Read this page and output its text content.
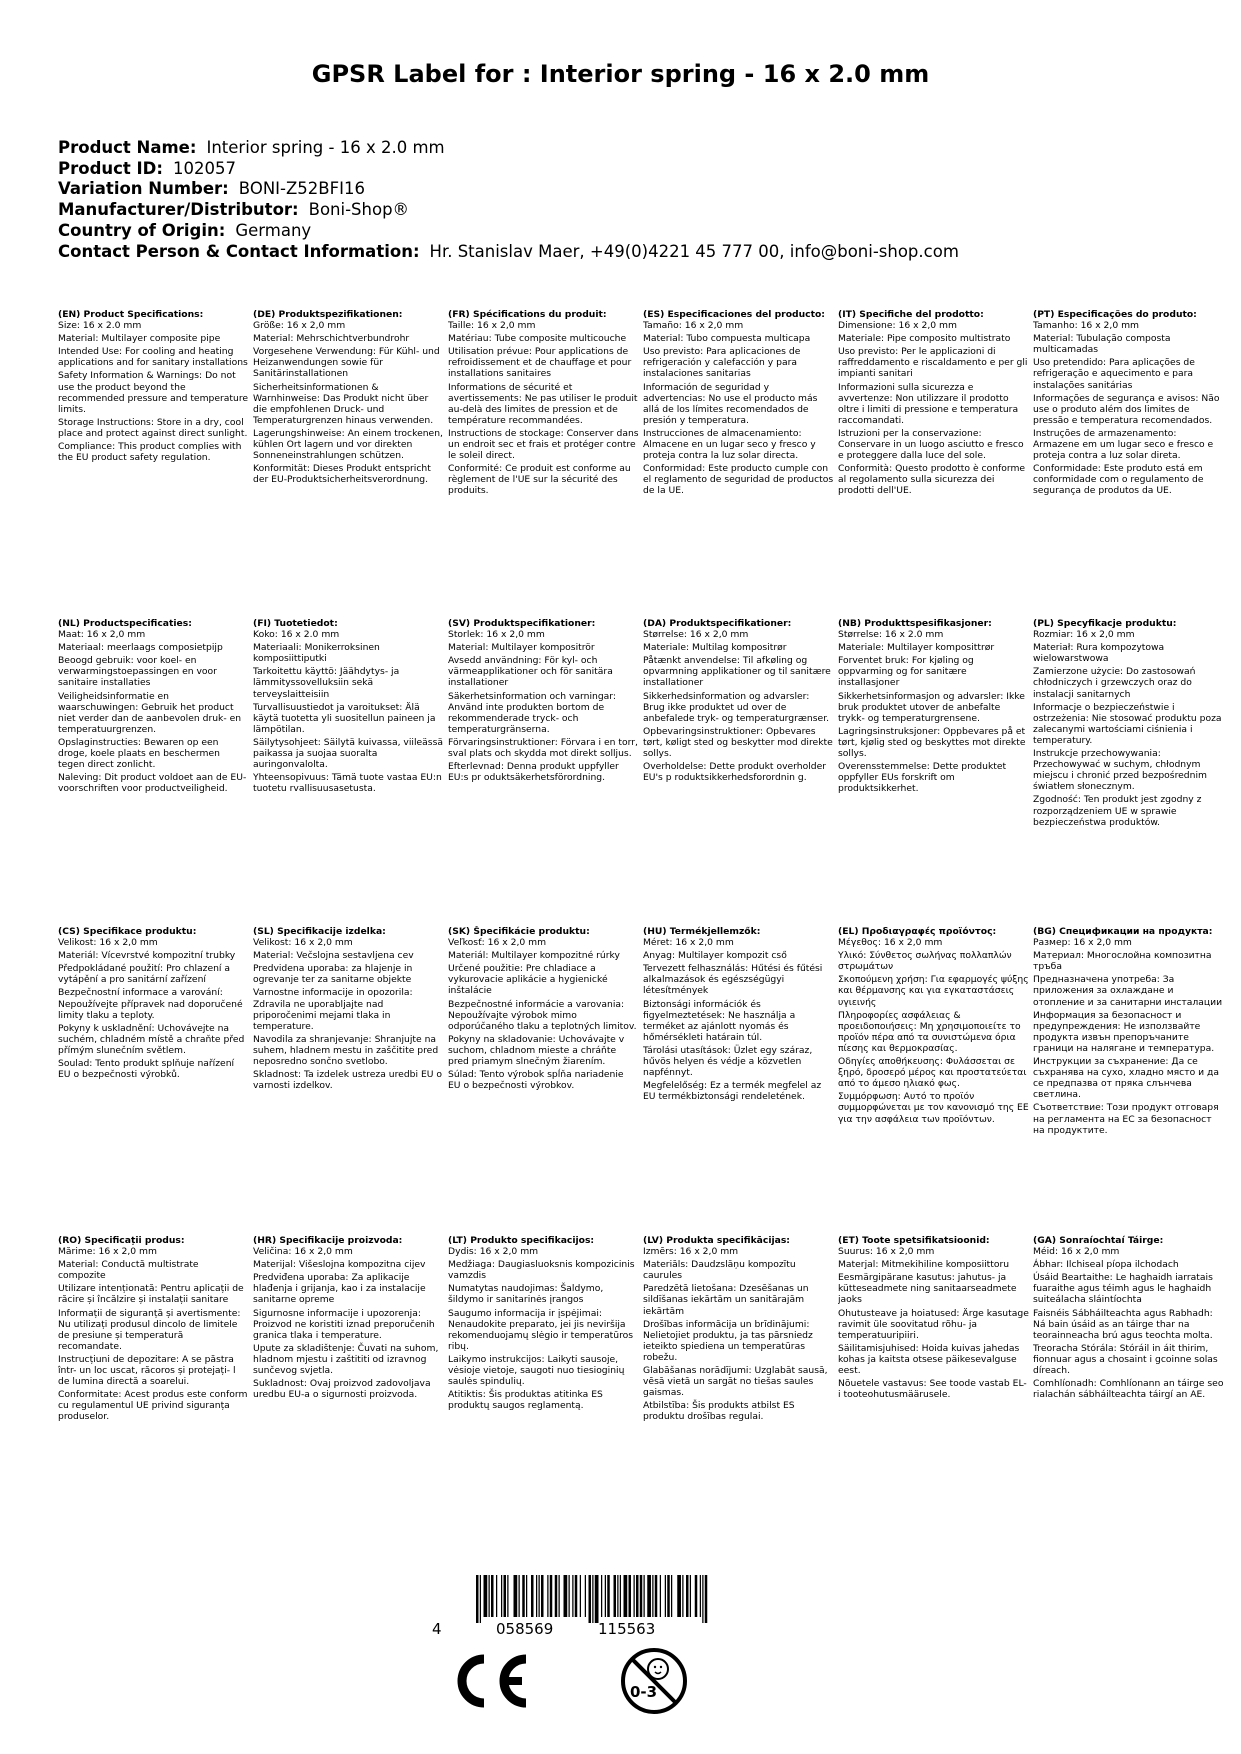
GPSR Label for : Interior spring - 16 x 2.0 mm
Product Name: Interior spring - 16 x 2.0 mm
Product ID: 102057
Variation Number: BONI-Z52BFI16
Manufacturer/Distributor: Boni-Shop®
Country of Origin: Germany
Contact Person & Contact Information: Hr. Stanislav Maer, +49(0)4221 45 777 00, info@boni-shop.com
(EN) Product Specifications:
Size: 16 x 2.0 mm
Material: Multilayer composite pipe
Intended Use: For cooling and heating applications and for sanitary installations
Safety Information & Warnings: Do not use the product beyond the recommended pressure and temperature limits.
Storage Instructions: Store in a dry, cool place and protect against direct sunlight.
Compliance: This product complies with the EU product safety regulation.
(DE) Produktspezifikationen:
Größe: 16 x 2,0 mm
Material: Mehrschichtverbundrohr
Vorgesehene Verwendung: Für Kühl- und Heizanwendungen sowie für Sanitärinstallationen
Sicherheitsinformationen & Warnhinweise: Das Produkt nicht über die empfohlenen Druck- und Temperaturgrenzen hinaus verwenden.
Lagerungshinweise: An einem trockenen, kühlen Ort lagern und vor direkten Sonneneinstrahlungen schützen.
Konformität: Dieses Produkt entspricht der EU-Produktsicherheitsverordnung.
(FR) Spécifications du produit:
Taille: 16 x 2,0 mm
Matériau: Tube composite multicouche
Utilisation prévue: Pour applications de refroidissement et de chauffage et pour installations sanitaires
Informations de sécurité et avertissements: Ne pas utiliser le produit au-delà des limites de pression et de température recommandées.
Instructions de stockage: Conserver dans un endroit sec et frais et protéger contre le soleil direct.
Conformité: Ce produit est conforme au règlement de l'UE sur la sécurité des produits.
(ES) Especificaciones del producto:
Tamaño: 16 x 2,0 mm
Material: Tubo compuesta multicapa
Uso previsto: Para aplicaciones de refrigeración y calefacción y para instalaciones sanitarias
Información de seguridad y advertencias: No use el producto más allá de los límites recomendados de presión y temperatura.
Instrucciones de almacenamiento: Almacene en un lugar seco y fresco y proteja contra la luz solar directa.
Conformidad: Este producto cumple con el reglamento de seguridad de productos de la UE.
(IT) Specifiche del prodotto:
Dimensione: 16 x 2,0 mm
Materiale: Pipe composito multistrato
Uso previsto: Per le applicazioni di raffreddamento e riscaldamento e per gli impianti sanitari
Informazioni sulla sicurezza e avvertenze: Non utilizzare il prodotto oltre i limiti di pressione e temperatura raccomandati.
Istruzioni per la conservazione: Conservare in un luogo asciutto e fresco e proteggere dalla luce del sole.
Conformità: Questo prodotto è conforme al regolamento sulla sicurezza dei prodotti dell'UE.
(PT) Especificações do produto:
Tamanho: 16 x 2,0 mm
Material: Tubulação composta multicamadas
Uso pretendido: Para aplicações de refrigeração e aquecimento e para instalações sanitárias
Informações de segurança e avisos: Não use o produto além dos limites de pressão e temperatura recomendados.
Instruções de armazenamento: Armazene em um lugar seco e fresco e proteja contra a luz solar direta.
Conformidade: Este produto está em conformidade com o regulamento de segurança de produtos da UE.
(NL) Productspecificaties:
Maat: 16 x 2,0 mm
Materiaal: meerlaags composietpijp
Beoogd gebruik: voor koel- en verwarmingstoepassingen en voor sanitaire installaties
Veiligheidsinformatie en waarschuwingen: Gebruik het product niet verder dan de aanbevolen druk- en temperatuurgrenzen.
Opslaginstructies: Bewaren op een droge, koele plaats en beschermen tegen direct zonlicht.
Naleving: Dit product voldoet aan de EU-voorschriften voor productveiligheid.
(FI) Tuotetiedot:
Koko: 16 x 2.0 mm
Materiaali: Monikerroksinen komposiittiputki
Tarkoitettu käyttö: Jäähdytys- ja lämmityssovelluksiin sekä terveyslaitteisiin
Turvallisuustiedot ja varoitukset: Älä käytä tuotetta yli suositellun paineen ja lämpötilan.
Säilytysohjeet: Säilytä kuivassa, viileässä paikassa ja suojaa suoralta auringonvalolta.
Yhteensopivuus: Tämä tuote vastaa EU:n tuotetu rvallisuusasetusta.
(SV) Produktspecifikationer:
Storlek: 16 x 2,0 mm
Material: Multilayer kompositrör
Avsedd användning: För kyl- och värmeapplikationer och för sanitära installationer
Säkerhetsinformation och varningar: Använd inte produkten bortom de rekommenderade tryck- och temperaturgränserna.
Förvaringsinstruktioner: Förvara i en torr, sval plats och skydda mot direkt solljus.
Efterlevnad: Denna produkt uppfyller EU:s pr oduktsäkerhetsförordning.
(DA) Produktspecifikationer:
Størrelse: 16 x 2,0 mm
Materiale: Multilag kompositrør
Påtænkt anvendelse: Til afkøling og opvarmning applikationer og til sanitære installationer
Sikkerhedsinformation og advarsler: Brug ikke produktet ud over de anbefalede tryk- og temperaturgrænser.
Opbevaringsinstruktioner: Opbevares tørt, køligt sted og beskytter mod direkte sollys.
Overholdelse: Dette produkt overholder EU's p roduktsikkerhedsforordnin g.
(NB) Produkttspesifikasjoner:
Størrelse: 16 x 2.0 mm
Materiale: Multilayer komposittrør
Forventet bruk: For kjøling og oppvarming og for sanitære installasjoner
Sikkerhetsinformasjon og advarsler: Ikke bruk produktet utover de anbefalte trykk- og temperaturgrensene.
Lagringsinstruksjoner: Oppbevares på et tørt, kjølig sted og beskyttes mot direkte sollys.
Overensstemmelse: Dette produktet oppfyller EUs forskrift om produktsikkerhet.
(PL) Specyfikacje produktu:
Rozmiar: 16 x 2,0 mm
Materiał: Rura kompozytowa wielowarstwowa
Zamierzone użycie: Do zastosowań chłodniczych i grzewczych oraz do instalacji sanitarnych
Informacje o bezpieczeństwie i ostrzeżenia: Nie stosować produktu poza zalecanymi wartościami ciśnienia i temperatury.
Instrukcje przechowywania: Przechowywać w suchym, chłodnym miejscu i chronić przed bezpośrednim światłem słonecznym.
Zgodność: Ten produkt jest zgodny z rozporządzeniem UE w sprawie bezpieczeństwa produktów.
(CS) Specifikace produktu:
Velikost: 16 x 2,0 mm
Materiál: Vícevrstvé kompozitní trubky
Předpokládané použití: Pro chlazení a vytápění a pro sanitární zařízení
Bezpečnostní informace a varování: Nepoužívejte přípravek nad doporučené limity tlaku a teploty.
Pokyny k uskladnění: Uchovávejte na suchém, chladném místě a chraňte před přímým slunečním světlem.
Soulad: Tento produkt splňuje nařízení EU o bezpečnosti výrobků.
(SL) Specifikacije izdelka:
Velikost: 16 x 2,0 mm
Material: Večslojna sestavljena cev
Predvidena uporaba: za hlajenje in ogrevanje ter za sanitarne objekte
Varnostne informacije in opozorila: Zdravila ne uporabljajte nad priporočenimi mejami tlaka in temperature.
Navodila za shranjevanje: Shranjujte na suhem, hladnem mestu in zaščitite pred neposredno sončno svetlobo.
Skladnost: Ta izdelek ustreza uredbi EU o varnosti izdelkov.
(SK) Špecifikácie produktu:
Veľkosť: 16 x 2,0 mm
Materiál: Multilayer kompozitné rúrky
Určené použitie: Pre chladiace a vykurovacie aplikácie a hygienické inštalácie
Bezpečnostné informácie a varovania: Nepoužívajte výrobok mimo odporúčaného tlaku a teplotných limitov.
Pokyny na skladovanie: Uchovávajte v suchom, chladnom mieste a chráňte pred priamym slnečným žiarením.
Súlad: Tento výrobok spĺňa nariadenie EU o bezpečnosti výrobkov.
(HU) Termékjellemzők:
Méret: 16 x 2,0 mm
Anyag: Multilayer kompozit cső
Tervezett felhasználás: Hűtési és fűtési alkalmazások és egészségügyi létesítmények
Biztonsági információk és figyelmeztetések: Ne használja a terméket az ajánlott nyomás és hőmérsékleti határain túl.
Tárolási utasítások: Üzlet egy száraz, hűvös helyen és védje a közvetlen napfénnyt.
Megfelelőség: Ez a termék megfelel az EU termékbiztonsági rendeletének.
(EL) Προδιαγραφές προϊόντος:
Μέγεθος: 16 x 2,0 mm
Υλικό: Σύνθετος σωλήνας πολλαπλών στρωμάτων
Σκοπούμενη χρήση: Για εφαρμογές ψύξης και θέρμανσης και για εγκαταστάσεις υγιεινής
Πληροφορίες ασφάλειας & προειδοποιήσεις: Μη χρησιμοποιείτε το προϊόν πέρα από τα συνιστώμενα όρια πίεσης και θερμοκρασίας.
Οδηγίες αποθήκευσης: Φυλάσσεται σε ξηρό, δροσερό μέρος και προστατεύεται από το άμεσο ηλιακό φως.
Συμμόρφωση: Αυτό το προϊόν συμμορφώνεται με τον κανονισμό της ΕΕ για την ασφάλεια των προϊόντων.
(BG) Спецификации на продукта:
Размер: 16 x 2,0 mm
Материал: Многослойна композитна тръба
Предназначена употреба: За приложения за охлаждане и отопление и за санитарни инсталации
Информация за безопасност и предупреждения: Не използвайте продукта извън препоръчаните граници на налягане и температура.
Инструкции за съхранение: Да се съхранява на сухо, хладно място и да се предпазва от пряка слънчева светлина.
Съответствие: Този продукт отговаря на регламента на ЕС за безопасност на продуктите.
(RO) Specificații produs:
Mărime: 16 x 2,0 mm
Material: Conductă multistrate compozite
Utilizare intenționată: Pentru aplicații de răcire și încălzire și instalații sanitare
Informații de siguranță și avertismente: Nu utilizați produsul dincolo de limitele de presiune și temperatură recomandate.
Instrucțiuni de depozitare: A se păstra într- un loc uscat, răcoros și protejați- l de lumina directă a soarelui.
Conformitate: Acest produs este conform cu regulamentul UE privind siguranța produselor.
(HR) Specifikacije proizvoda:
Veličina: 16 x 2,0 mm
Materijal: Višeslojna kompozitna cijev
Predviđena uporaba: Za aplikacije hlađenja i grijanja, kao i za instalacije sanitarne opreme
Sigurnosne informacije i upozorenja: Proizvod ne koristiti iznad preporučenih granica tlaka i temperature.
Upute za skladištenje: Čuvati na suhom, hladnom mjestu i zaštititi od izravnog sunčevog svjetla.
Sukladnost: Ovaj proizvod zadovoljava uredbu EU-a o sigurnosti proizvoda.
(LT) Produkto specifikacijos:
Dydis: 16 x 2,0 mm
Medžiaga: Daugiasluoksnis kompozicinis vamzdis
Numatytas naudojimas: Šaldymo, šildymo ir sanitarinės įrangos
Saugumo informacija ir įspėjimai: Nenaudokite preparato, jei jis neviršija rekomenduojamų slėgio ir temperatūros ribų.
Laikymo instrukcijos: Laikyti sausoje, vėsioje vietoje, saugoti nuo tiesioginių saulės spindulių.
Atitiktis: Šis produktas atitinka ES produktų saugos reglamentą.
(LV) Produkta specifikācijas:
Izmērs: 16 x 2,0 mm
Materiāls: Daudzslāņu kompozītu caurules
Paredzētā lietošana: Dzesēšanas un sildīšanas iekārtām un sanitārajām iekārtām
Drošības informācija un brīdinājumi: Nelietojiet produktu, ja tas pārsniedz ieteikto spiediena un temperatūras robežu.
Glabāšanas norādījumi: Uzglabāt sausā, vēsā vietā un sargāt no tiešas saules gaismas.
Atbilstība: Šis produkts atbilst ES produktu drošības regulai.
(ET) Toote spetsifikatsioonid:
Suurus: 16 x 2,0 mm
Materjal: Mitmekihiline komposiittoru
Eesmärgipärane kasutus: jahutus- ja kütteseadmete ning sanitaarseadmete jaoks
Ohutusteave ja hoiatused: Ärge kasutage ravimit üle soovitatud rõhu- ja temperatuuripiiri.
Säilitamisjuhised: Hoida kuivas jahedas kohas ja kaitsta otsese päikesevalguse eest.
Nõuetele vastavus: See toode vastab EL-i tooteohutusmäärusele.
(GA) Sonraíochtaí Táirge:
Méid: 16 x 2,0 mm
Ábhar: Ilchiseal píopa ilchodach
Úsáid Beartaithe: Le haghaidh iarratais fuaraithe agus téimh agus le haghaidh suiteálacha sláintíochta
Faisnéis Sábháilteachta agus Rabhadh: Ná bain úsáid as an táirge thar na teorainneacha brú agus teochta molta.
Treoracha Stórála: Stóráil in áit thirim, fionnuar agus a chosaint i gcoinne solas díreach.
Comhlíonadh: Comhlíonann an táirge seo rialachán sábháilteachta táirgí an AE.
4	058569	115563
0-3
